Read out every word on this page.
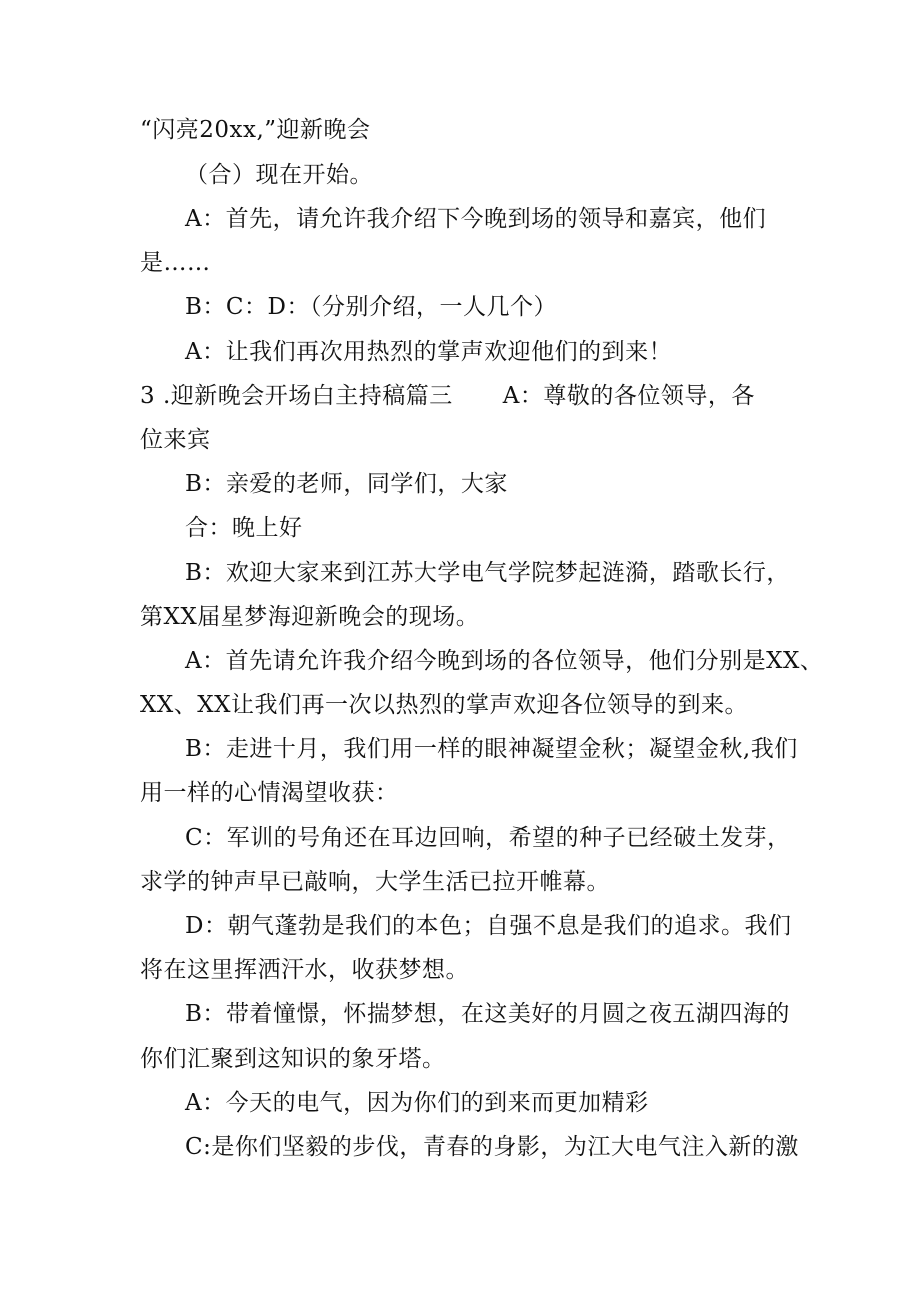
“闪亮20xx,”迎新晚会
（合）现在开始。
A：首先，请允许我介绍下今晚到场的领导和嘉宾，他们
是……
B：C：D：（分别介绍，一人几个）
A：让我们再次用热烈的掌声欢迎他们的到来！
3 .迎新晚会开场白主持稿篇三 A：尊敬的各位领导，各
位来宾
B：亲爱的老师，同学们，大家
合：晚上好
B：欢迎大家来到江苏大学电气学院梦起涟漪，踏歌长行，
第XX届星梦海迎新晚会的现场。
A：首先请允许我介绍今晚到场的各位领导，他们分别是XX、
XX、XX让我们再一次以热烈的掌声欢迎各位领导的到来。
B：走进十月，我们用一样的眼神凝望金秋；凝望金秋,我们
用一样的心情渴望收获：
C：军训的号角还在耳边回响，希望的种子已经破土发芽，
求学的钟声早已敲响，大学生活已拉开帷幕。
D：朝气蓬勃是我们的本色；自强不息是我们的追求。我们
将在这里挥洒汗水，收获梦想。
B：带着憧憬，怀揣梦想，在这美好的月圆之夜五湖四海的
你们汇聚到这知识的象牙塔。
A：今天的电气，因为你们的到来而更加精彩
C:是你们坚毅的步伐，青春的身影，为江大电气注入新的激
